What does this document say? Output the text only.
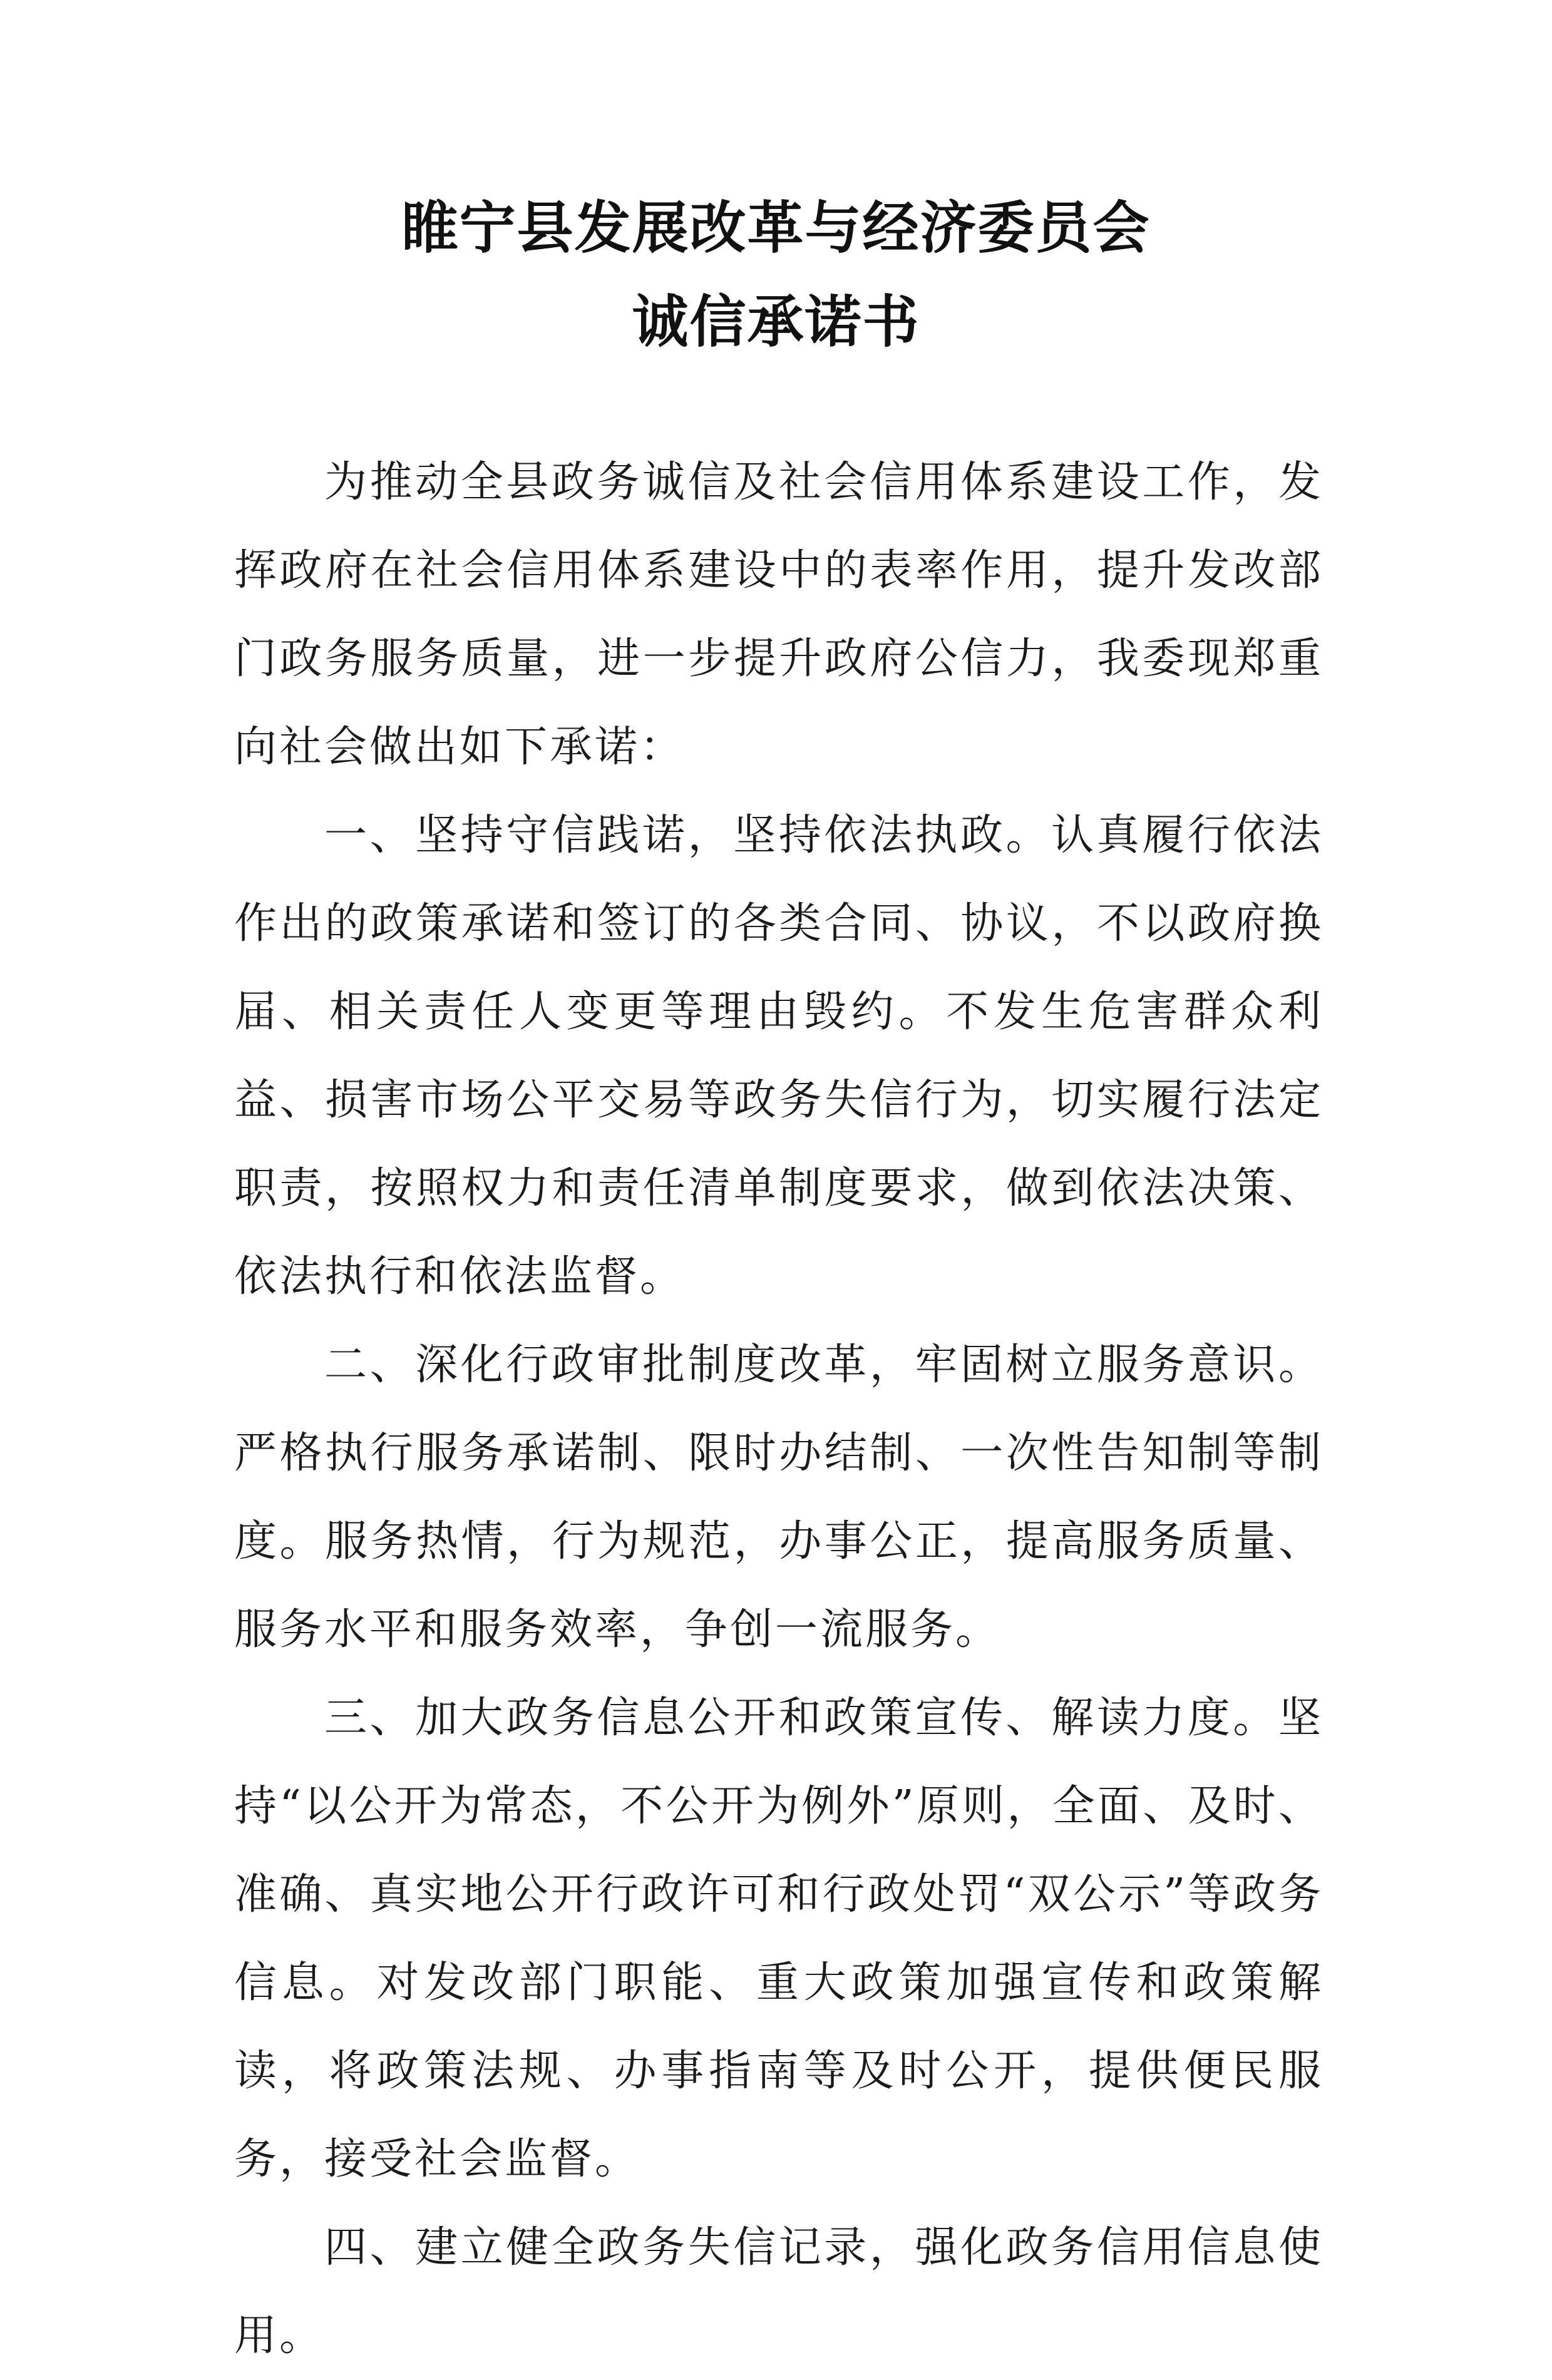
睢宁县发展改革与经济委员会
诚信承诺书

为推动全县政务诚信及社会信用体系建设工作，发挥政府在社会信用体系建设中的表率作用，提升发改部门政务服务质量，进一步提升政府公信力，我委现郑重向社会做出如下承诺：

一、坚持守信践诺，坚持依法执政。认真履行依法作出的政策承诺和签订的各类合同、协议，不以政府换届、相关责任人变更等理由毁约。不发生危害群众利益、损害市场公平交易等政务失信行为，切实履行法定职责，按照权力和责任清单制度要求，做到依法决策、依法执行和依法监督。

二、深化行政审批制度改革，牢固树立服务意识。严格执行服务承诺制、限时办结制、一次性告知制等制度。服务热情，行为规范，办事公正，提高服务质量、服务水平和服务效率，争创一流服务。

三、加大政务信息公开和政策宣传、解读力度。坚持“以公开为常态，不公开为例外”原则，全面、及时、准确、真实地公开行政许可和行政处罚“双公示”等政务信息。对发改部门职能、重大政策加强宣传和政策解读，将政策法规、办事指南等及时公开，提供便民服务，接受社会监督。

四、建立健全政务失信记录，强化政务信用信息使用。
